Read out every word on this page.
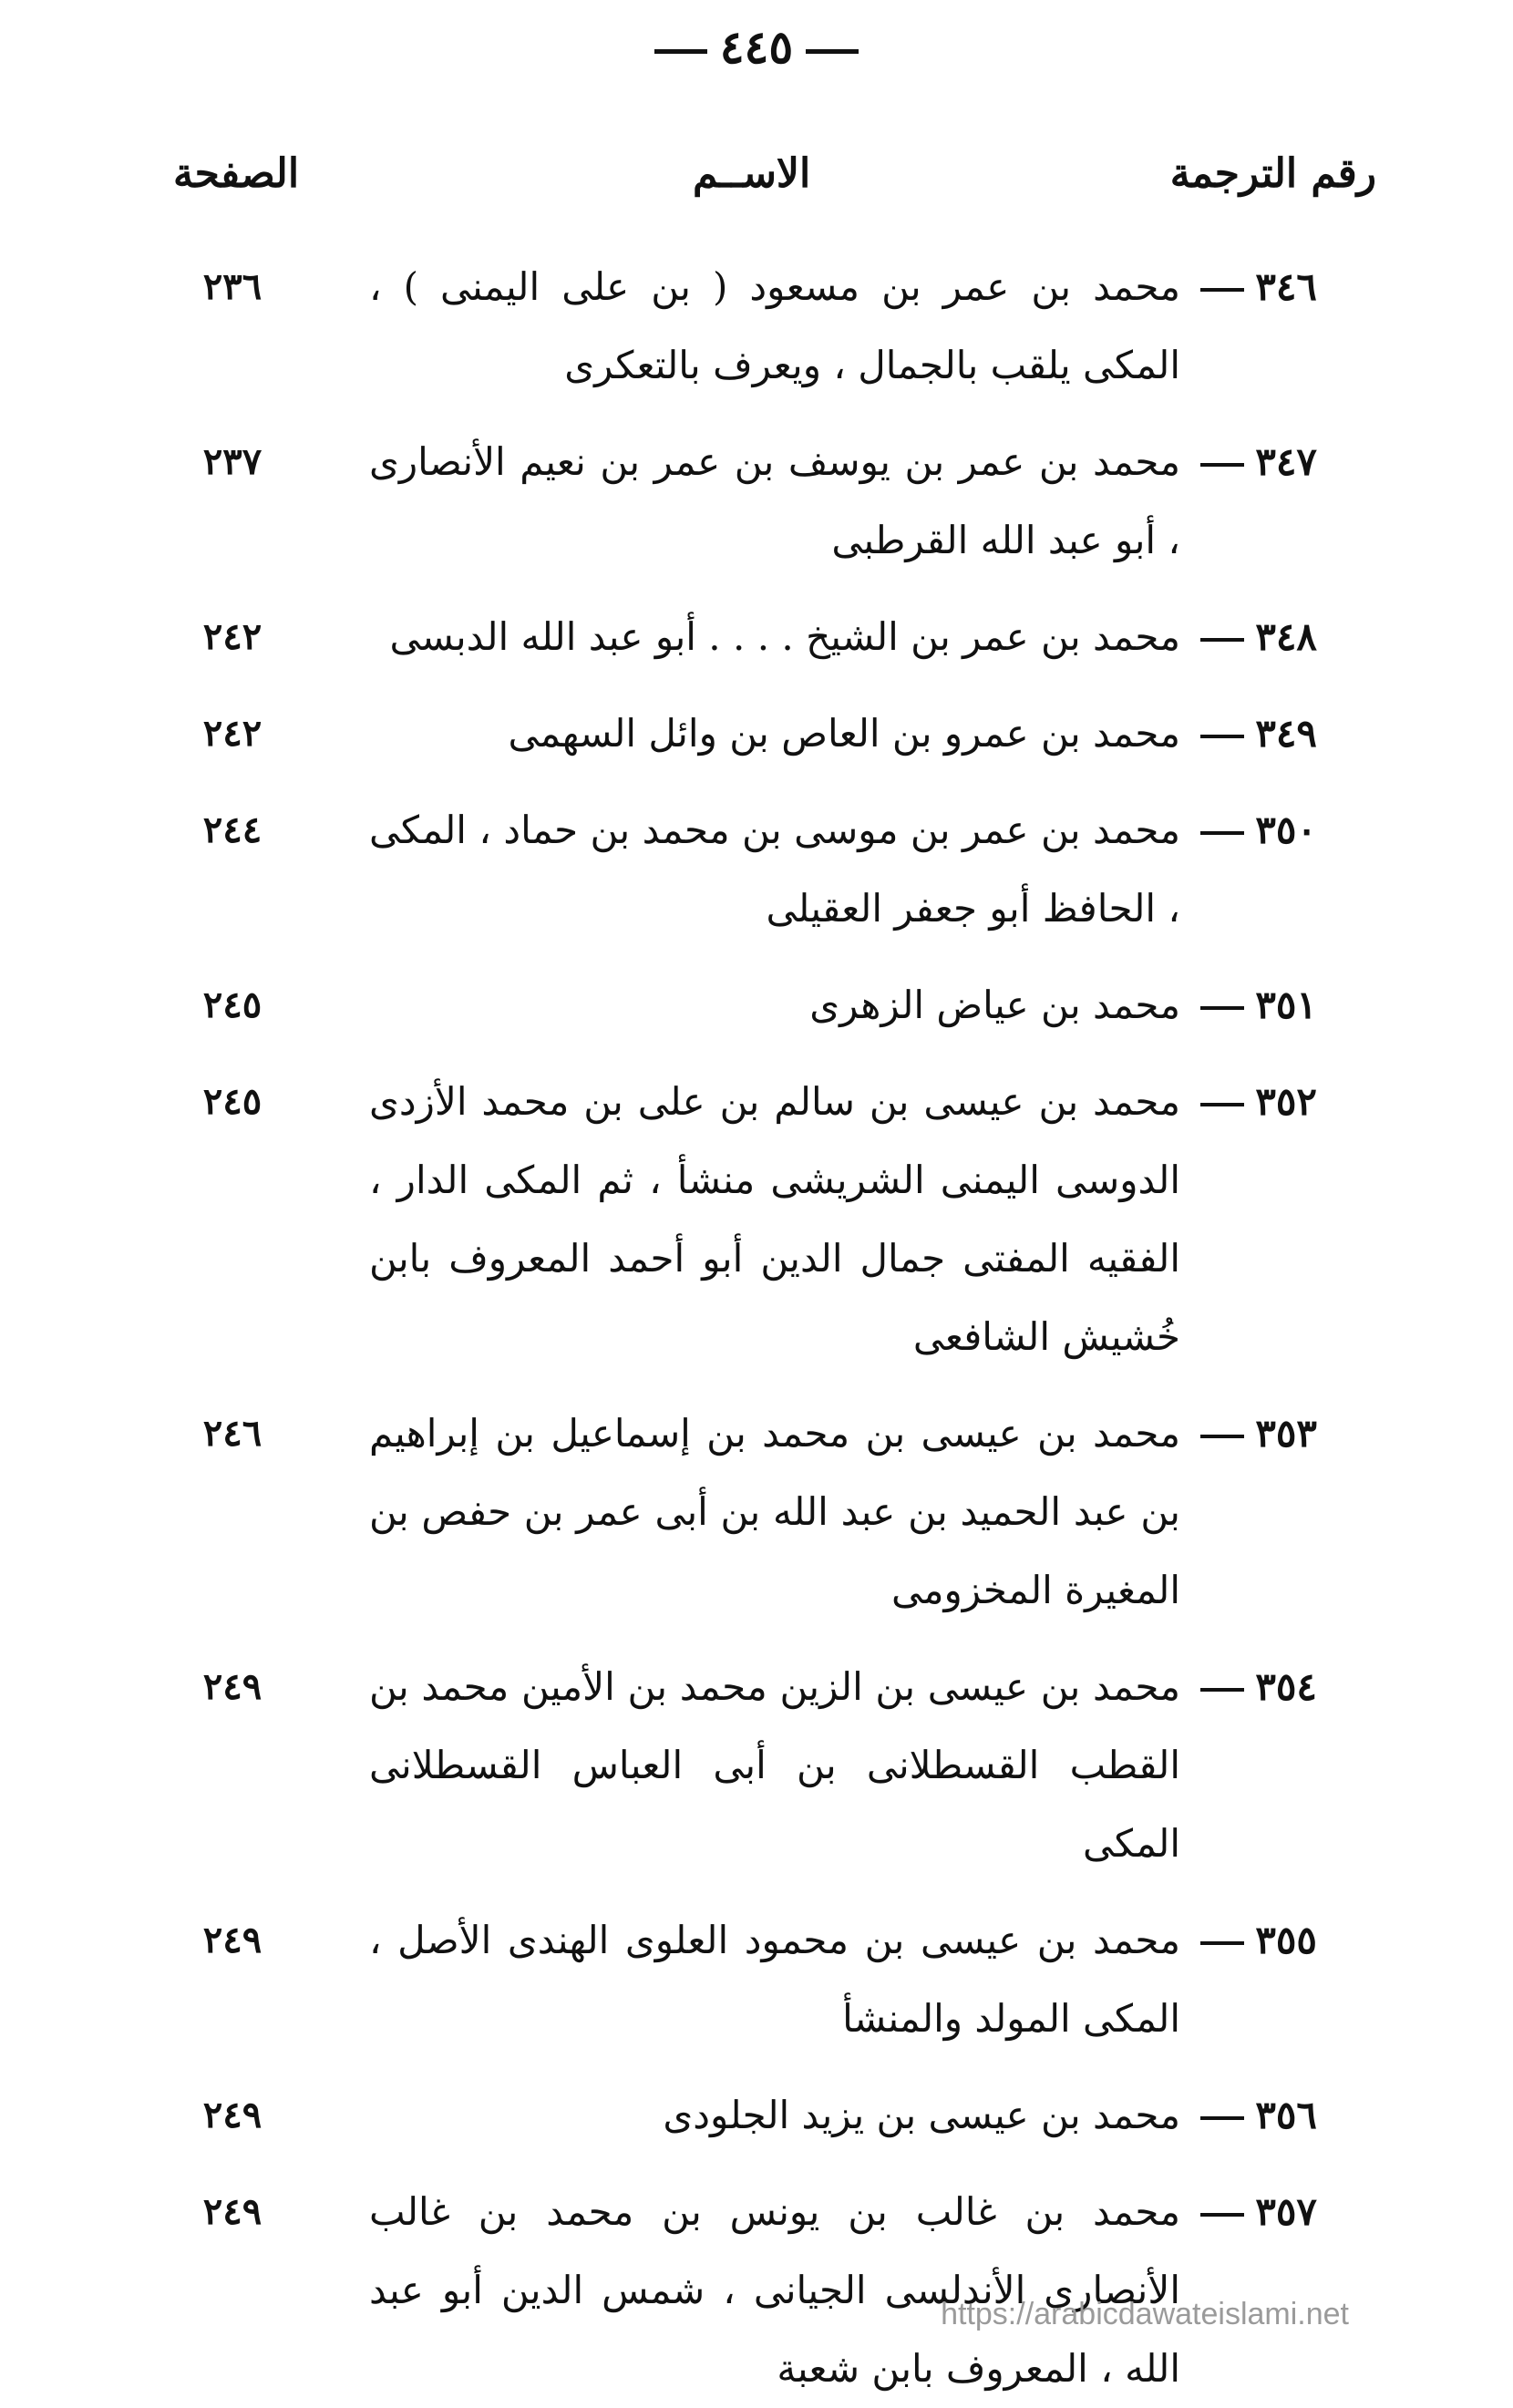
٤٤٥
رقم الترجمة
الاســم
الصفحة
٣٤٦
محمد بن عمر بن مسعود ( بن على اليمنى ) ، المكى يلقب بالجمال ، ويعرف بالتعكرى
٢٣٦
٣٤٧
محمد بن عمر بن يوسف بن عمر بن نعيم الأنصارى ، أبو عبد الله القرطبى
٢٣٧
٣٤٨
محمد بن عمر بن الشيخ . . . . أبو عبد الله الدبسى
٢٤٢
٣٤٩
محمد بن عمرو بن العاص بن وائل السهمى
٢٤٢
٣٥٠
محمد بن عمر بن موسى بن محمد بن حماد ، المكى ، الحافظ أبو جعفر العقيلى
٢٤٤
٣٥١
محمد بن عياض الزهرى
٢٤٥
٣٥٢
محمد بن عيسى بن سالم بن على بن محمد الأزدى الدوسى اليمنى الشريشى منشأ ، ثم المكى الدار ، الفقيه المفتى جمال الدين أبو أحمد المعروف بابن خُشيش الشافعى
٢٤٥
٣٥٣
محمد بن عيسى بن محمد بن إسماعيل بن إبراهيم بن عبد الحميد بن عبد الله بن أبى عمر بن حفص بن المغيرة المخزومى
٢٤٦
٣٥٤
محمد بن عيسى بن الزين محمد بن الأمين محمد بن القطب القسطلانى بن أبى العباس القسطلانى المكى
٢٤٩
٣٥٥
محمد بن عيسى بن محمود العلوى الهندى الأصل ، المكى المولد والمنشأ
٢٤٩
٣٥٦
محمد بن عيسى بن يزيد الجلودى
٢٤٩
٣٥٧
محمد بن غالب بن يونس بن محمد بن غالب الأنصارى الأندلسى الجيانى ، شمس الدين أبو عبد الله ، المعروف بابن شعبة
٢٤٩
https://arabicdawateislami.net
